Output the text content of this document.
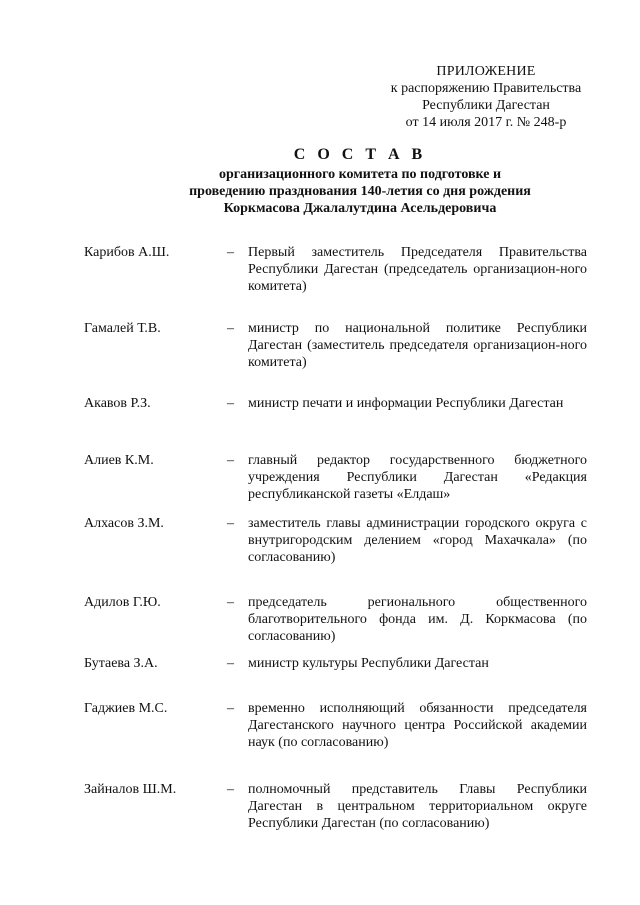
ПРИЛОЖЕНИЕ
к распоряжению Правительства
Республики Дагестан
от 14 июля 2017 г. № 248-р
С О С Т А В
организационного комитета по подготовке и
проведению празднования 140-летия со дня рождения
Коркмасова Джалалутдина Асельдеровича
Карибов А.Ш.	–	Первый заместитель Председателя Правительства Республики Дагестан (председатель организацион-ного комитета)
Гамалей Т.В.	–	министр по национальной политике Республики Дагестан (заместитель председателя организацион-ного комитета)
Акавов Р.З.	–	министр печати и информации Республики Дагестан
Алиев К.М.	–	главный редактор государственного бюджетного учреждения Республики Дагестан «Редакция республиканской газеты «Елдаш»
Алхасов З.М.	–	заместитель главы администрации городского округа с внутригородским делением «город Махачкала» (по согласованию)
Адилов Г.Ю.	–	председатель регионального общественного благотворительного фонда им. Д. Коркмасова (по согласованию)
Бутаева З.А.	–	министр культуры Республики Дагестан
Гаджиев М.С.	–	временно исполняющий обязанности председателя Дагестанского научного центра Российской академии наук (по согласованию)
Зайналов Ш.М.	–	полномочный представитель Главы Республики Дагестан в центральном территориальном округе Республики Дагестан (по согласованию)
